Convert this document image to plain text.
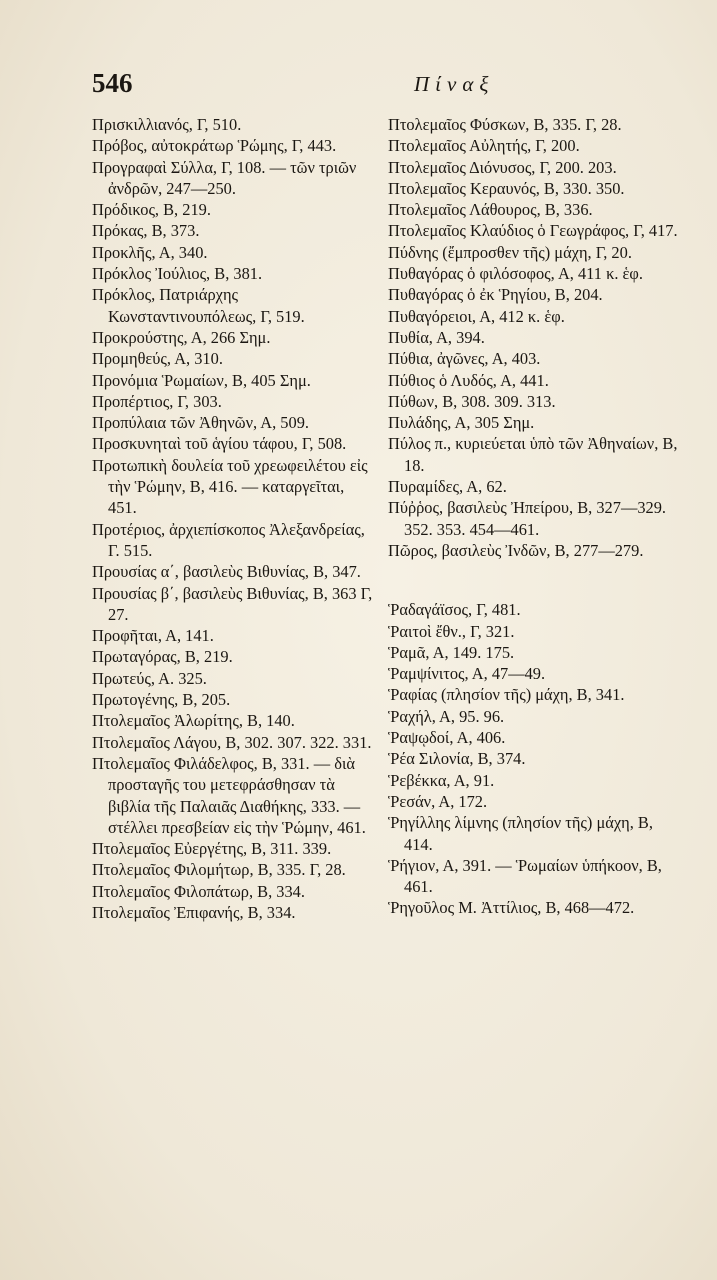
546	Πίναξ

Πρισκιλλιανός, Γ, 510.

Πρόβος, αὐτοκράτωρ Ῥώμης, Γ, 443.

Προγραφαὶ Σύλλα, Γ, 108. — τῶν τριῶν ἀνδρῶν, 247—250.

Πρόδικος, Β, 219.

Πρόκας, Β, 373.

Προκλῆς, Α, 340.

Πρόκλος Ἰούλιος, Β, 381.

Πρόκλος, Πατριάρχης Κωνσταντινουπόλεως, Γ, 519.

Προκρούστης, Α, 266 Σημ.

Προμηθεύς, Α, 310.

Προνόμια Ῥωμαίων, Β, 405 Σημ.

Προπέρτιος, Γ, 303.

Προπύλαια τῶν Ἀθηνῶν, Α, 509.

Προσκυνηταὶ τοῦ ἁγίου τάφου, Γ, 508.

Προτωπικὴ δουλεία τοῦ χρεωφειλέτου εἰς τὴν Ῥώμην, Β, 416. — καταργεῖται, 451.

Προτέριος, ἀρχιεπίσκοπος Ἀλεξανδρείας, Γ. 515.

Προυσίας α΄, βασιλεὺς Βιθυνίας, Β, 347.

Προυσίας β΄, βασιλεὺς Βιθυνίας, Β, 363 Γ, 27.

Προφῆται, Α, 141.

Πρωταγόρας, Β, 219.

Πρωτεύς, Α. 325.

Πρωτογένης, Β, 205.

Πτολεμαῖος Ἀλωρίτης, Β, 140.

Πτολεμαῖος Λάγου, Β, 302. 307. 322. 331.

Πτολεμαῖος Φιλάδελφος, Β, 331. — διὰ προσταγῆς του μετεφράσθησαν τὰ βιβλία τῆς Παλαιᾶς Διαθήκης, 333. — στέλλει πρεσβείαν εἰς τὴν Ῥώμην, 461.

Πτολεμαῖος Εὐεργέτης, Β, 311. 339.

Πτολεμαῖος Φιλομήτωρ, Β, 335. Γ, 28.

Πτολεμαῖος Φιλοπάτωρ, Β, 334.

Πτολεμαῖος Ἐπιφανής, Β, 334.

Πτολεμαῖος Φύσκων, Β, 335. Γ, 28.

Πτολεμαῖος Αὐλητής, Γ, 200.

Πτολεμαῖος Διόνυσος, Γ, 200. 203.

Πτολεμαῖος Κεραυνός, Β, 330. 350.

Πτολεμαῖος Λάθουρος, Β, 336.

Πτολεμαῖος Κλαύδιος ὁ Γεωγράφος, Γ, 417.

Πύδνης (ἔμπροσθεν τῆς) μάχη, Γ, 20.

Πυθαγόρας ὁ φιλόσοφος, Α, 411 κ. ἑφ.

Πυθαγόρας ὁ ἐκ Ῥηγίου, Β, 204.

Πυθαγόρειοι, Α, 412 κ. ἑφ.

Πυθία, Α, 394.

Πύθια, ἀγῶνες, Α, 403.

Πύθιος ὁ Λυδός, Α, 441.

Πύθων, Β, 308. 309. 313.

Πυλάδης, Α, 305 Σημ.

Πύλος π., κυριεύεται ὑπὸ τῶν Ἀθηναίων, Β, 18.

Πυραμίδες, Α, 62.

Πύῤῥος, βασιλεὺς Ἠπείρου, Β, 327—329. 352. 353. 454—461.

Πῶρος, βασιλεὺς Ἰνδῶν, Β, 277—279.

Ῥαδαγάϊσος, Γ, 481.

Ῥαιτοὶ ἔθν., Γ, 321.

Ῥαμᾶ, Α, 149. 175.

Ῥαμψίνιτος, Α, 47—49.

Ῥαφίας (πλησίον τῆς) μάχη, Β, 341.

Ῥαχήλ, Α, 95. 96.

Ῥαψῳδοί, Α, 406.

Ῥέα Σιλονία, Β, 374.

Ῥεβέκκα, Α, 91.

Ῥεσάν, Α, 172.

Ῥηγίλλης λίμνης (πλησίον τῆς) μάχη, Β, 414.

Ῥήγιον, Α, 391. — Ῥωμαίων ὑπήκοον, Β, 461.

Ῥηγοῦλος Μ. Ἀττίλιος, Β, 468—472.
